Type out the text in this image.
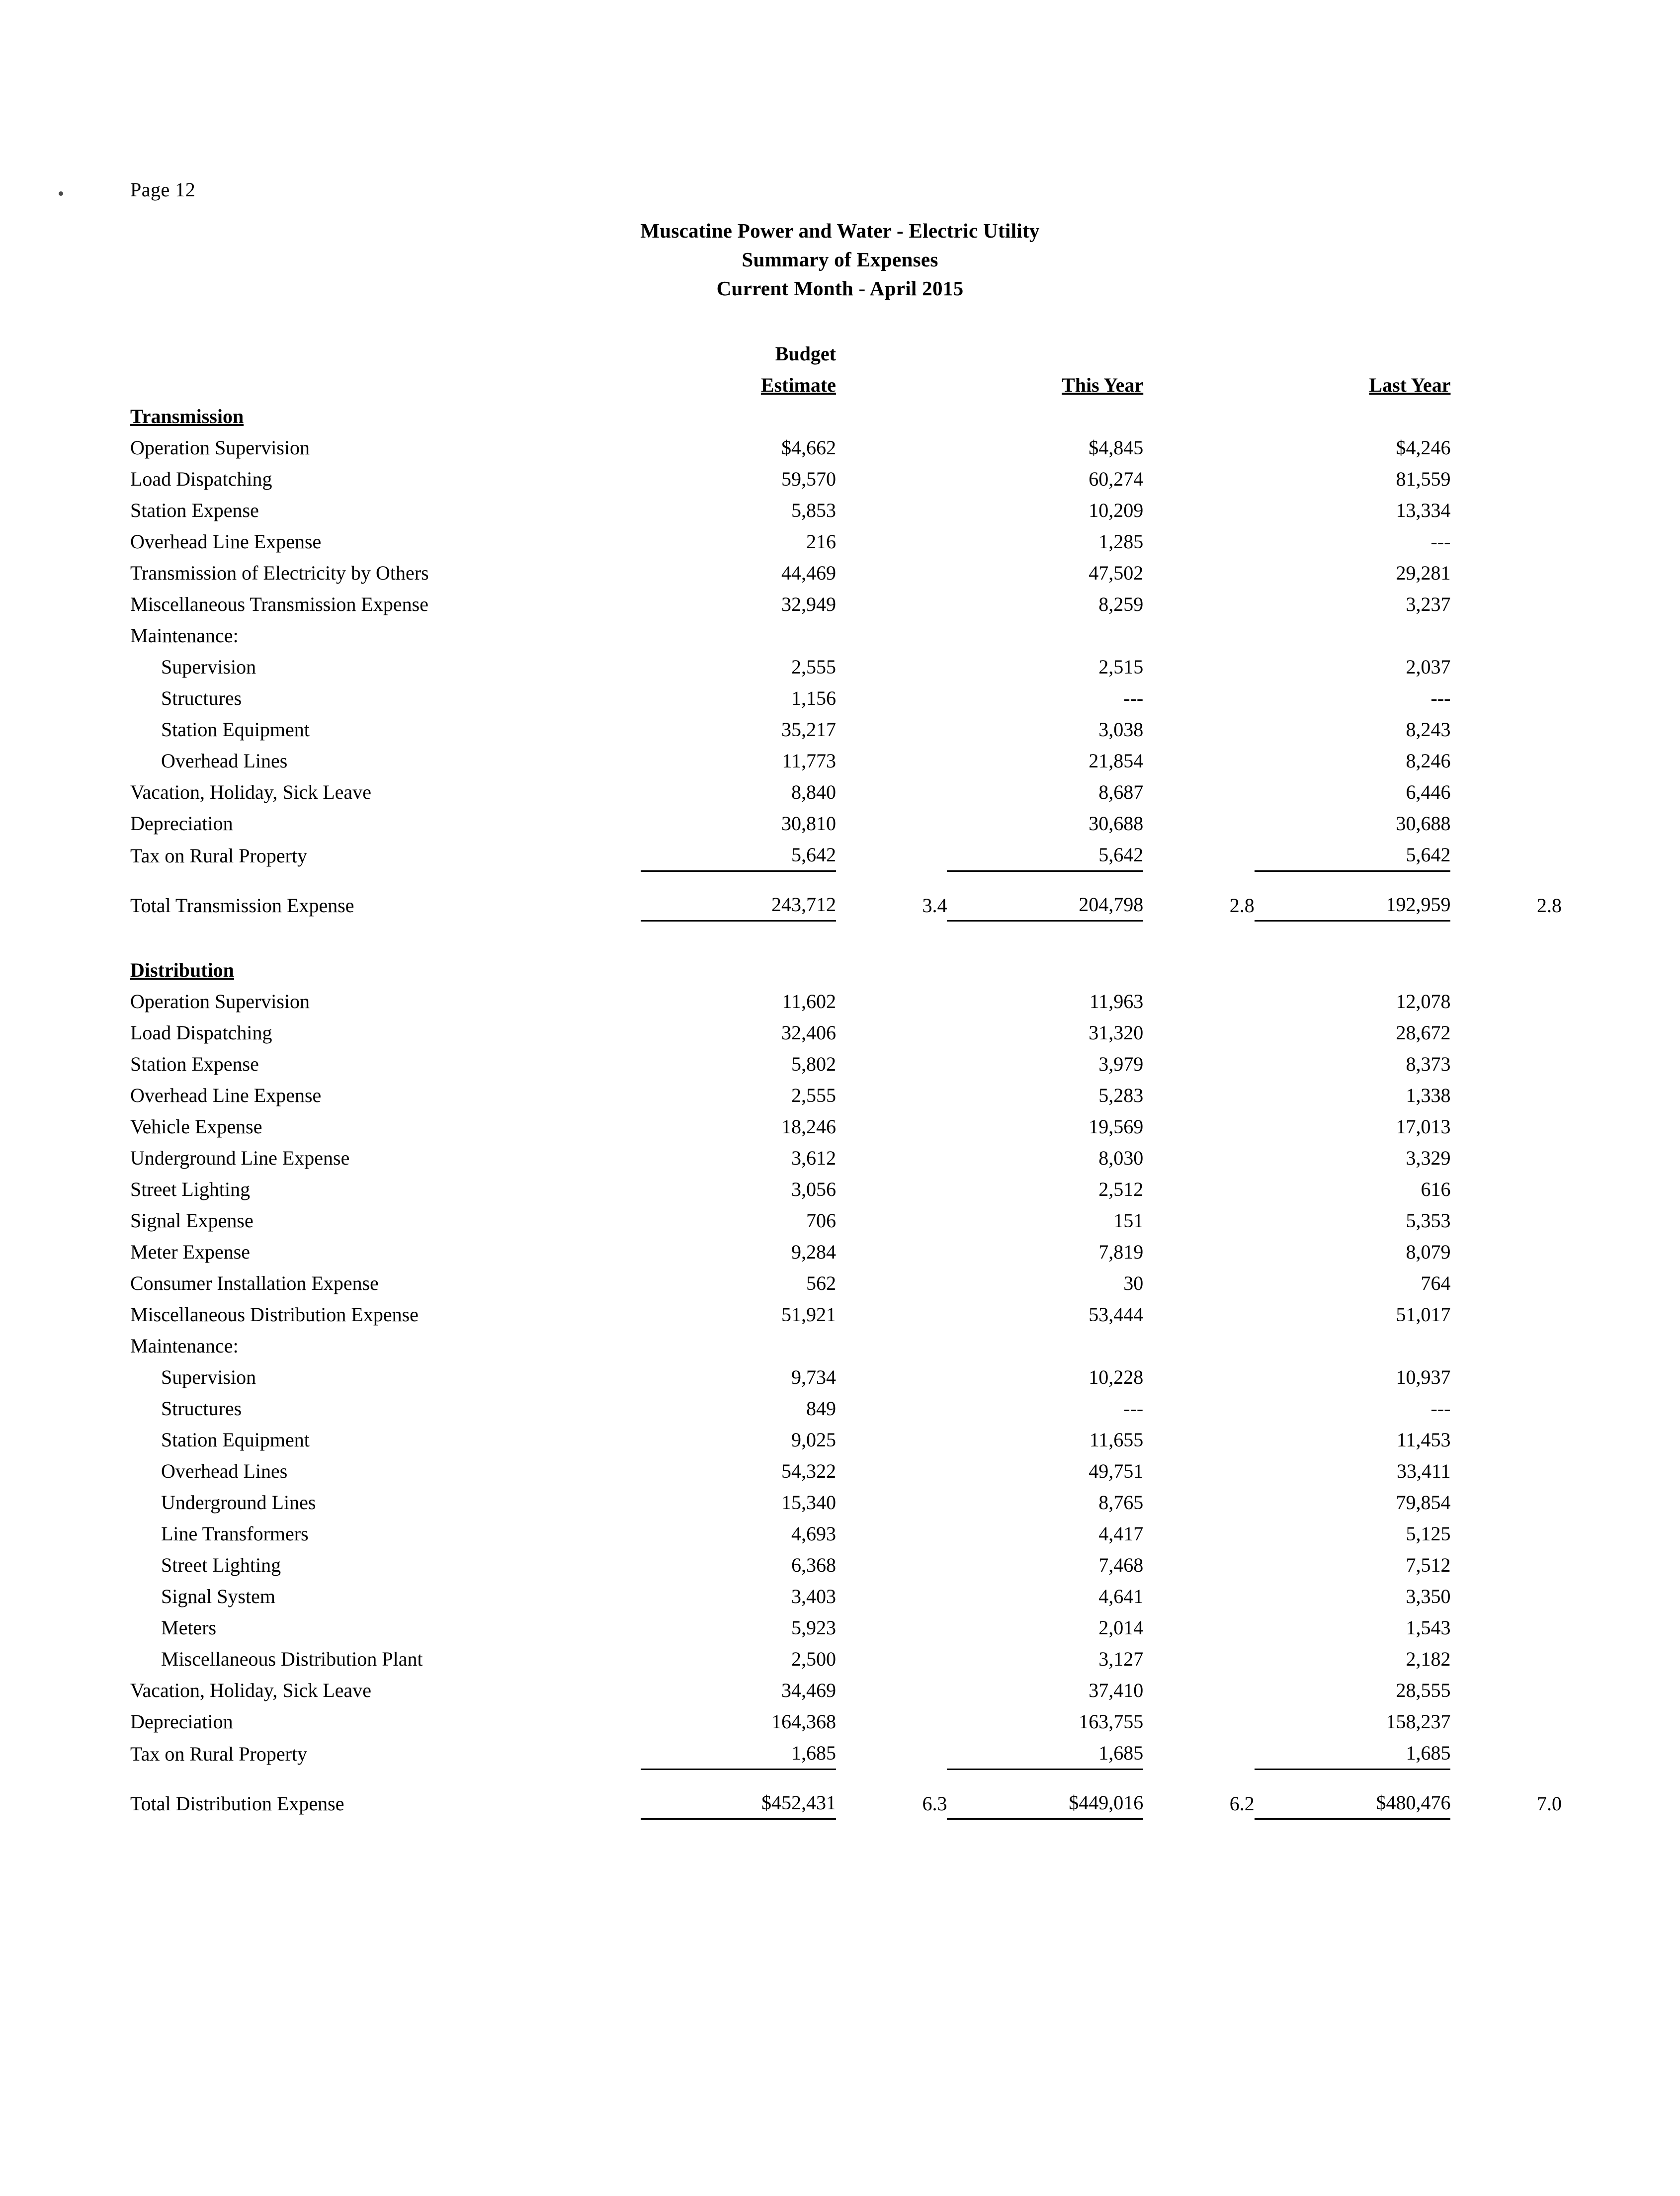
Page 12
Muscatine Power and Water - Electric Utility
Summary of Expenses
Current Month - April 2015
	Budget					
	Estimate		This Year		Last Year	
Transmission						
Operation Supervision	$4,662		$4,845		$4,246	
Load Dispatching	59,570		60,274		81,559	
Station Expense	5,853		10,209		13,334	
Overhead Line Expense	216		1,285		---	
Transmission of Electricity by Others	44,469		47,502		29,281	
Miscellaneous Transmission Expense	32,949		8,259		3,237	
Maintenance:						
Supervision	2,555		2,515		2,037	
Structures	1,156		---		---	
Station Equipment	35,217		3,038		8,243	
Overhead Lines	11,773		21,854		8,246	
Vacation, Holiday, Sick Leave	8,840		8,687		6,446	
Depreciation	30,810		30,688		30,688	
Tax on Rural Property	5,642		5,642		5,642	

Total Transmission Expense	243,712	3.4	204,798	2.8	192,959	2.8

Distribution						
Operation Supervision	11,602		11,963		12,078	
Load Dispatching	32,406		31,320		28,672	
Station Expense	5,802		3,979		8,373	
Overhead Line Expense	2,555		5,283		1,338	
Vehicle Expense	18,246		19,569		17,013	
Underground Line Expense	3,612		8,030		3,329	
Street Lighting	3,056		2,512		616	
Signal Expense	706		151		5,353	
Meter Expense	9,284		7,819		8,079	
Consumer Installation Expense	562		30		764	
Miscellaneous Distribution Expense	51,921		53,444		51,017	
Maintenance:						
Supervision	9,734		10,228		10,937	
Structures	849		---		---	
Station Equipment	9,025		11,655		11,453	
Overhead Lines	54,322		49,751		33,411	
Underground Lines	15,340		8,765		79,854	
Line Transformers	4,693		4,417		5,125	
Street Lighting	6,368		7,468		7,512	
Signal System	3,403		4,641		3,350	
Meters	5,923		2,014		1,543	
Miscellaneous Distribution Plant	2,500		3,127		2,182	
Vacation, Holiday, Sick Leave	34,469		37,410		28,555	
Depreciation	164,368		163,755		158,237	
Tax on Rural Property	1,685		1,685		1,685	

Total Distribution Expense	$452,431	6.3	$449,016	6.2	$480,476	7.0
